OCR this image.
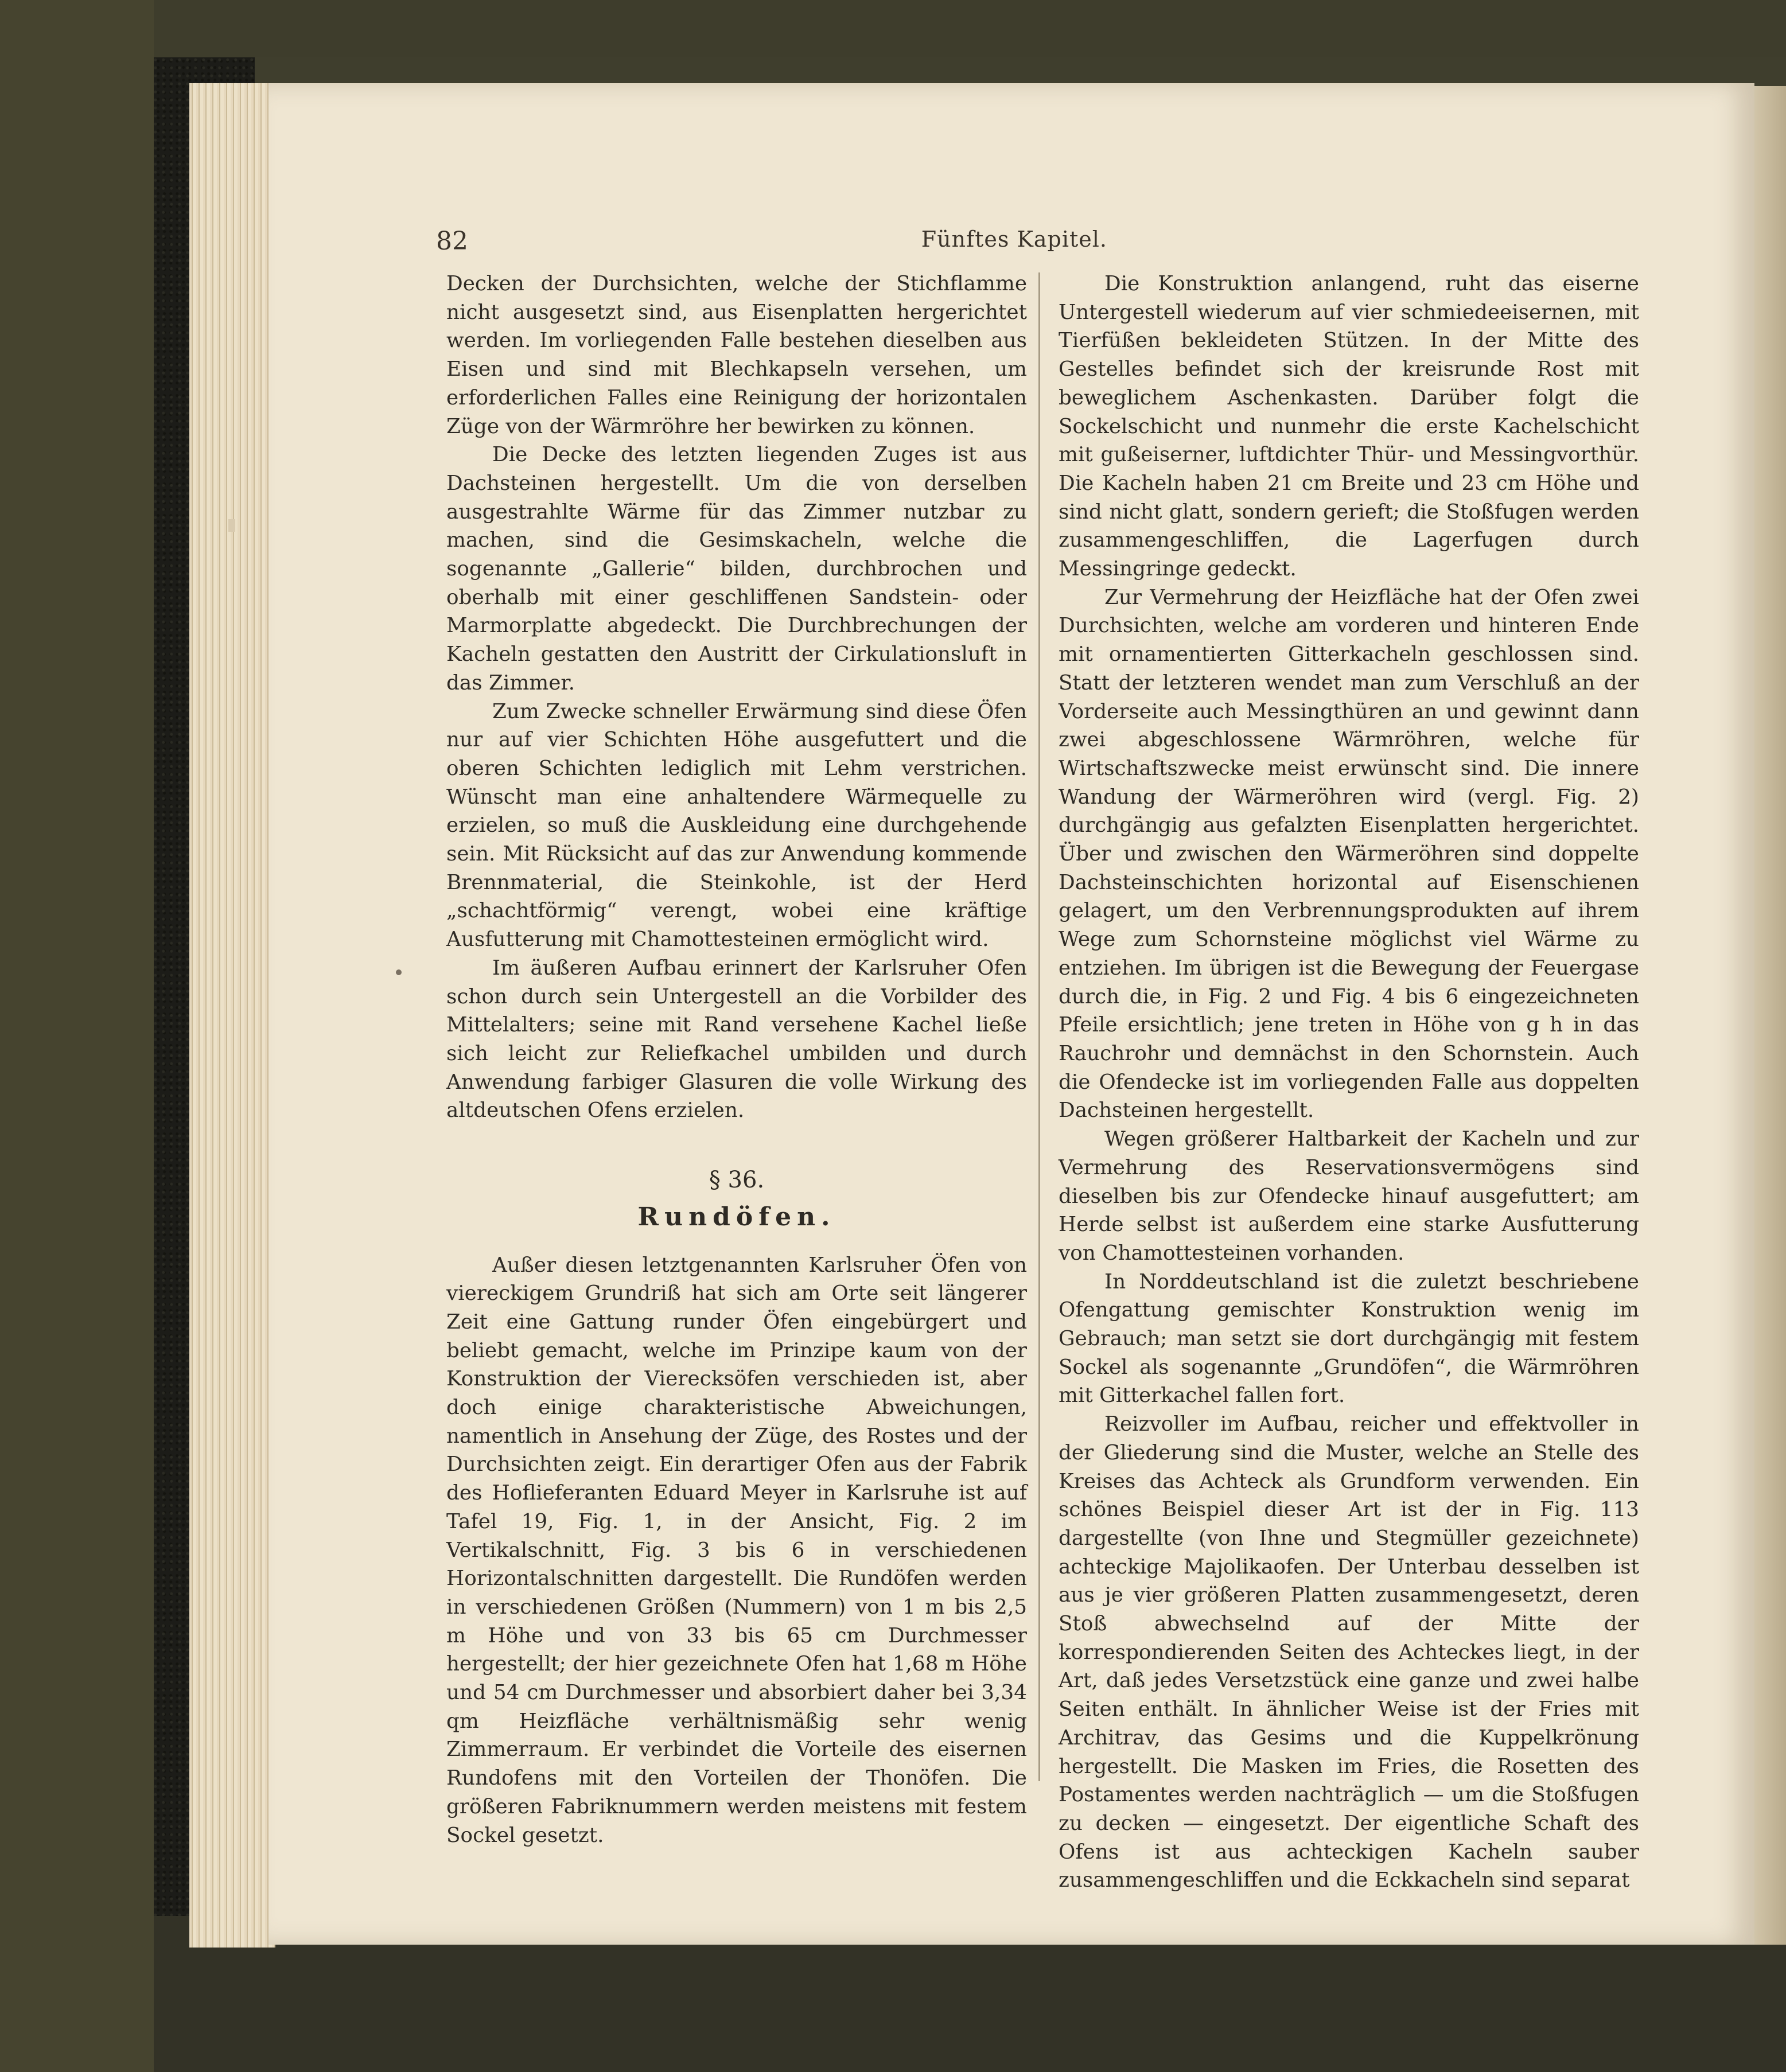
82	Fünftes Kapitel.

Decken der Durchsichten, welche der Stichflamme nicht ausgesetzt sind, aus Eisenplatten hergerichtet werden. Im vorliegenden Falle bestehen dieselben aus Eisen und sind mit Blechkapseln versehen, um erforderlichen Falles eine Reinigung der horizontalen Züge von der Wärmröhre her bewirken zu können.

Die Decke des letzten liegenden Zuges ist aus Dachsteinen hergestellt. Um die von derselben ausgestrahlte Wärme für das Zimmer nutzbar zu machen, sind die Gesimskacheln, welche die sogenannte „Gallerie“ bilden, durchbrochen und oberhalb mit einer geschliffenen Sandstein- oder Marmorplatte abgedeckt. Die Durchbrechungen der Kacheln gestatten den Austritt der Cirkulationsluft in das Zimmer.

Zum Zwecke schneller Erwärmung sind diese Öfen nur auf vier Schichten Höhe ausgefuttert und die oberen Schichten lediglich mit Lehm verstrichen. Wünscht man eine anhaltendere Wärmequelle zu erzielen, so muß die Auskleidung eine durchgehende sein. Mit Rücksicht auf das zur Anwendung kommende Brennmaterial, die Steinkohle, ist der Herd „schachtförmig“ verengt, wobei eine kräftige Ausfutterung mit Chamottesteinen ermöglicht wird.

Im äußeren Aufbau erinnert der Karlsruher Ofen schon durch sein Untergestell an die Vorbilder des Mittelalters; seine mit Rand versehene Kachel ließe sich leicht zur Reliefkachel umbilden und durch Anwendung farbiger Glasuren die volle Wirkung des altdeutschen Ofens erzielen.

§ 36.
Rundöfen.

Außer diesen letztgenannten Karlsruher Öfen von viereckigem Grundriß hat sich am Orte seit längerer Zeit eine Gattung runder Öfen eingebürgert und beliebt gemacht, welche im Prinzipe kaum von der Konstruktion der Vierecksöfen verschieden ist, aber doch einige charakteristische Abweichungen, namentlich in Ansehung der Züge, des Rostes und der Durchsichten zeigt. Ein derartiger Ofen aus der Fabrik des Hoflieferanten Eduard Meyer in Karlsruhe ist auf Tafel 19, Fig. 1, in der Ansicht, Fig. 2 im Vertikalschnitt, Fig. 3 bis 6 in verschiedenen Horizontalschnitten dargestellt. Die Rundöfen werden in verschiedenen Größen (Nummern) von 1 m bis 2,5 m Höhe und von 33 bis 65 cm Durchmesser hergestellt; der hier gezeichnete Ofen hat 1,68 m Höhe und 54 cm Durchmesser und absorbiert daher bei 3,34 qm Heizfläche verhältnismäßig sehr wenig Zimmerraum. Er verbindet die Vorteile des eisernen Rundofens mit den Vorteilen der Thonöfen. Die größeren Fabriknummern werden meistens mit festem Sockel gesetzt.

Die Konstruktion anlangend, ruht das eiserne Untergestell wiederum auf vier schmiedeeisernen, mit Tierfüßen bekleideten Stützen. In der Mitte des Gestelles befindet sich der kreisrunde Rost mit beweglichem Aschenkasten. Darüber folgt die Sockelschicht und nunmehr die erste Kachelschicht mit gußeiserner, luftdichter Thür- und Messingvorthür. Die Kacheln haben 21 cm Breite und 23 cm Höhe und sind nicht glatt, sondern gerieft; die Stoßfugen werden zusammengeschliffen, die Lagerfugen durch Messingringe gedeckt.

Zur Vermehrung der Heizfläche hat der Ofen zwei Durchsichten, welche am vorderen und hinteren Ende mit ornamentierten Gitterkacheln geschlossen sind. Statt der letzteren wendet man zum Verschluß an der Vorderseite auch Messingthüren an und gewinnt dann zwei abgeschlossene Wärmröhren, welche für Wirtschaftszwecke meist erwünscht sind. Die innere Wandung der Wärmeröhren wird (vergl. Fig. 2) durchgängig aus gefalzten Eisenplatten hergerichtet. Über und zwischen den Wärmeröhren sind doppelte Dachsteinschichten horizontal auf Eisenschienen gelagert, um den Verbrennungsprodukten auf ihrem Wege zum Schornsteine möglichst viel Wärme zu entziehen. Im übrigen ist die Bewegung der Feuergase durch die, in Fig. 2 und Fig. 4 bis 6 eingezeichneten Pfeile ersichtlich; jene treten in Höhe von g h in das Rauchrohr und demnächst in den Schornstein. Auch die Ofendecke ist im vorliegenden Falle aus doppelten Dachsteinen hergestellt.

Wegen größerer Haltbarkeit der Kacheln und zur Vermehrung des Reservationsvermögens sind dieselben bis zur Ofendecke hinauf ausgefuttert; am Herde selbst ist außerdem eine starke Ausfutterung von Chamottesteinen vorhanden.

In Norddeutschland ist die zuletzt beschriebene Ofengattung gemischter Konstruktion wenig im Gebrauch; man setzt sie dort durchgängig mit festem Sockel als sogenannte „Grundöfen“, die Wärmröhren mit Gitterkachel fallen fort.

Reizvoller im Aufbau, reicher und effektvoller in der Gliederung sind die Muster, welche an Stelle des Kreises das Achteck als Grundform verwenden. Ein schönes Beispiel dieser Art ist der in Fig. 113 dargestellte (von Ihne und Stegmüller gezeichnete) achteckige Majolikaofen. Der Unterbau desselben ist aus je vier größeren Platten zusammengesetzt, deren Stoß abwechselnd auf der Mitte der korrespondierenden Seiten des Achteckes liegt, in der Art, daß jedes Versetzstück eine ganze und zwei halbe Seiten enthält. In ähnlicher Weise ist der Fries mit Architrav, das Gesims und die Kuppelkrönung hergestellt. Die Masken im Fries, die Rosetten des Postamentes werden nachträglich — um die Stoßfugen zu decken — eingesetzt. Der eigentliche Schaft des Ofens ist aus achteckigen Kacheln sauber zusammengeschliffen und die Eckkacheln sind separat
